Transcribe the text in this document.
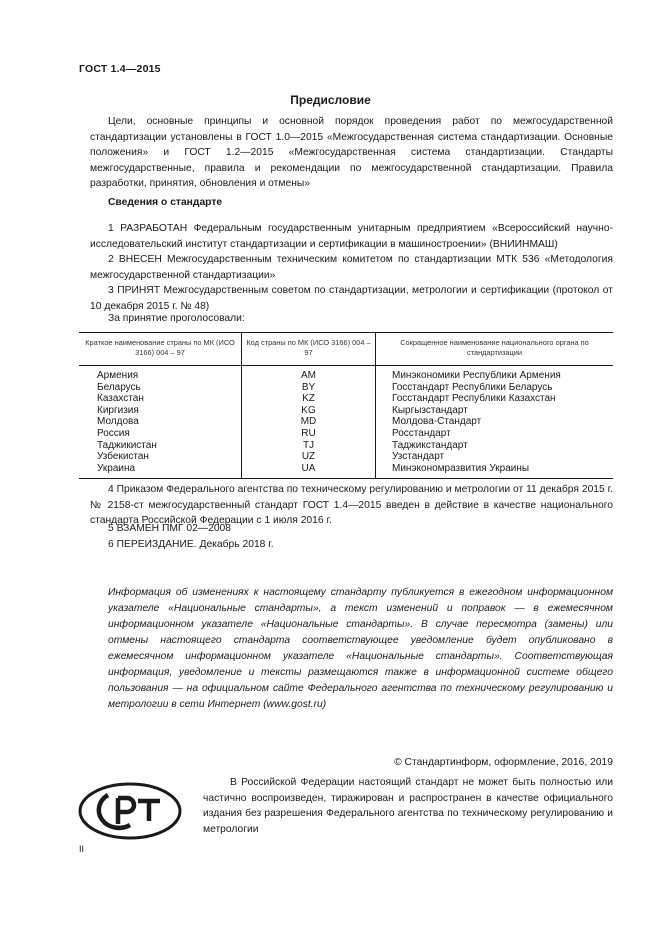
ГОСТ 1.4—2015
Предисловие
Цели, основные принципы и основной порядок проведения работ по межгосударственной стандартизации установлены в ГОСТ 1.0—2015 «Межгосударственная система стандартизации. Основные положения» и ГОСТ 1.2—2015 «Межгосударственная система стандартизации. Стандарты межгосударственные, правила и рекомендации по межгосударственной стандартизации. Правила разработки, принятия, обновления и отмены»
Сведения о стандарте
1 РАЗРАБОТАН Федеральным государственным унитарным предприятием «Всероссийский научно-исследовательский институт стандартизации и сертификации в машиностроении» (ВНИИНМАШ)
2 ВНЕСЕН Межгосударственным техническим комитетом по стандартизации МТК 536 «Методология межгосударственной стандартизации»
3 ПРИНЯТ Межгосударственным советом по стандартизации, метрологии и сертификации (протокол от 10 декабря 2015 г. № 48)
За принятие проголосовали:
Краткое наименование страны по МК (ИСО 3166) 004 – 97	Код страны по МК (ИСО 3166) 004 – 97	Сокращенное наименование национального органа по стандартизации
Армения	AM	Минэкономики Республики Армения
Беларусь	BY	Госстандарт Республики Беларусь
Казахстан	KZ	Госстандарт Республики Казахстан
Киргизия	KG	Кыргызстандарт
Молдова	MD	Молдова-Стандарт
Россия	RU	Росстандарт
Таджикистан	TJ	Таджикстандарт
Узбекистан	UZ	Узстандарт
Украина	UA	Минэкономразвития Украины
4 Приказом Федерального агентства по техническому регулированию и метрологии от 11 декабря 2015 г. № 2158-ст межгосударственный стандарт ГОСТ 1.4—2015 введен в действие в качестве национального стандарта Российской Федерации с 1 июля 2016 г.
5 ВЗАМЕН ПМГ 02—2008
6 ПЕРЕИЗДАНИЕ. Декабрь 2018 г.
Информация об изменениях к настоящему стандарту публикуется в ежегодном информационном указателе «Национальные стандарты», а текст изменений и поправок — в ежемесячном информационном указателе «Национальные стандарты». В случае пересмотра (замены) или отмены настоящего стандарта соответствующее уведомление будет опубликовано в ежемесячном информационном указателе «Национальные стандарты». Соответствующая информация, уведомление и тексты размещаются также в информационной системе общего пользования — на официальном сайте Федерального агентства по техническому регулированию и метрологии в сети Интернет (www.gost.ru)
© Стандартинформ, оформление, 2016, 2019
В Российской Федерации настоящий стандарт не может быть полностью или частично воспроизведен, тиражирован и распространен в качестве официального издания без разрешения Федерального агентства по техническому регулированию и метрологии
II
